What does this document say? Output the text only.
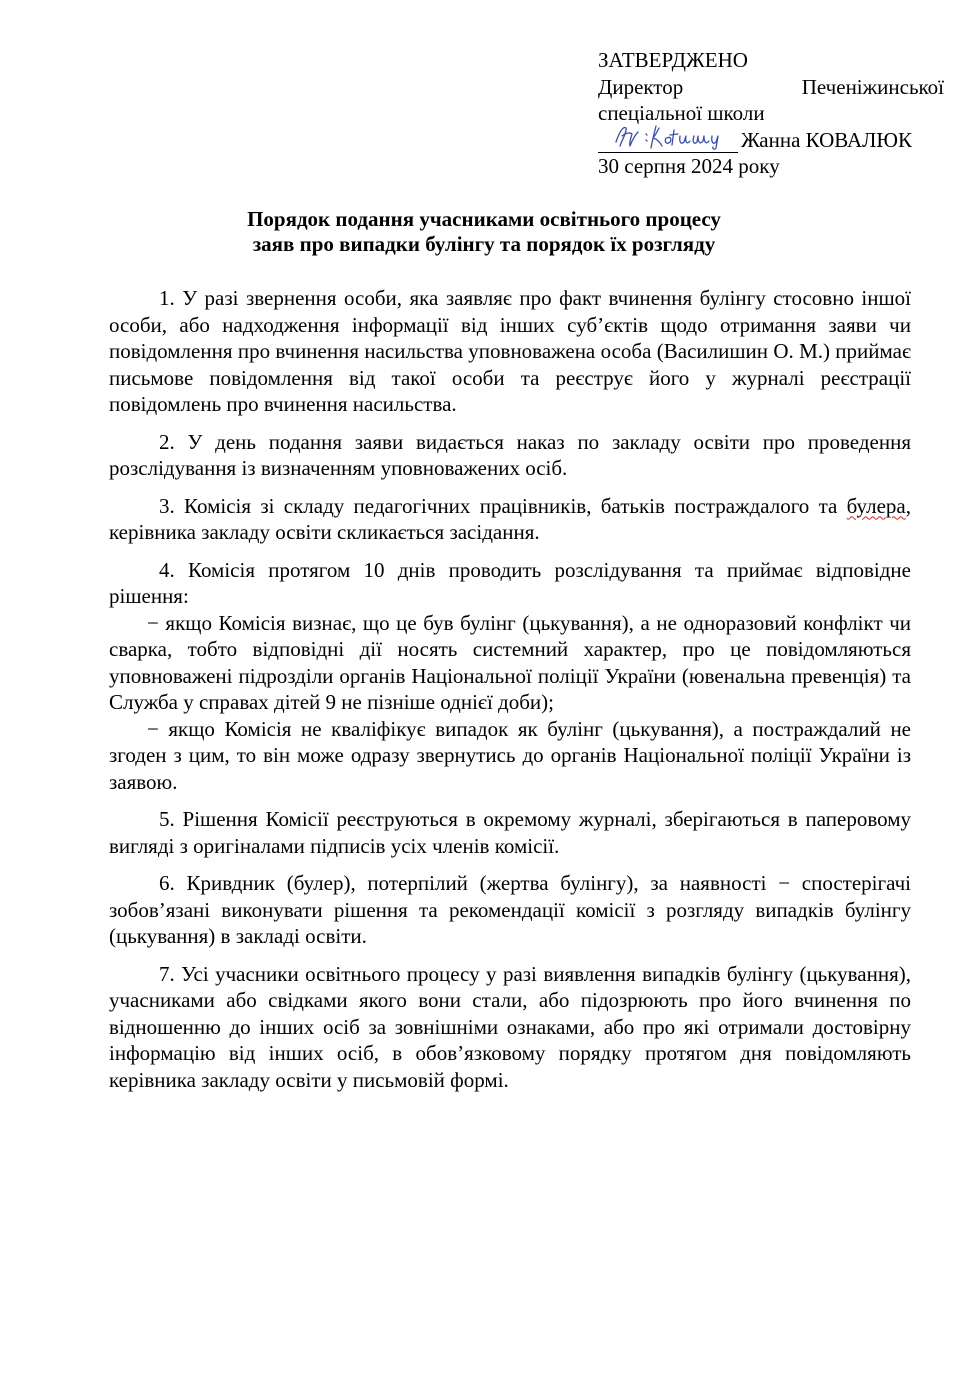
ЗАТВЕРДЖЕНО
Директор	Печеніжинської
спеціальної школи
Жанна КОВАЛЮК
30 серпня 2024 року
Порядок подання учасниками освітнього процесу
заяв про випадки булінгу та порядок їх розгляду

1. У разі звернення особи, яка заявляє про факт вчинення булінгу стосовно іншої особи, або надходження інформації від інших суб’єктів щодо отримання заяви чи повідомлення про вчинення насильства уповноважена особа (Василишин О. М.) приймає письмове повідомлення від такої особи та реєструє його у журналі реєстрації повідомлень про вчинення насильства.

2. У день подання заяви видається наказ по закладу освіти про проведення розслідування із визначенням уповноважених осіб.

3. Комісія зі складу педагогічних працівників, батьків постраждалого та булера, керівника закладу освіти скликається засідання.

4. Комісія протягом 10 днів проводить розслідування та приймає відповідне рішення:

− якщо Комісія визнає, що це був булінг (цькування), а не одноразовий конфлікт чи сварка, тобто відповідні дії носять системний характер, про це повідомляються уповноважені підрозділи органів Національної поліції України (ювенальна превенція) та Служба у справах дітей 9 не пізніше однієї доби);

− якщо Комісія не кваліфікує випадок як булінг (цькування), а постраждалий не згоден з цим, то він може одразу звернутись до органів Національної поліції України із заявою.

5. Рішення Комісії реєструються в окремому журналі, зберігаються в паперовому вигляді з оригіналами підписів усіх членів комісії.

6. Кривдник (булер), потерпілий (жертва булінгу), за наявності − спостерігачі зобов’язані виконувати рішення та рекомендації комісії з розгляду випадків булінгу (цькування) в закладі освіти.

7. Усі учасники освітнього процесу у разі виявлення випадків булінгу (цькування), учасниками або свідками якого вони стали, або підозрюють про його вчинення по відношенню до інших осіб за зовнішніми ознаками, або про які отримали достовірну інформацію від інших осіб, в обов’язковому порядку протягом дня повідомляють керівника закладу освіти у письмовій формі.
